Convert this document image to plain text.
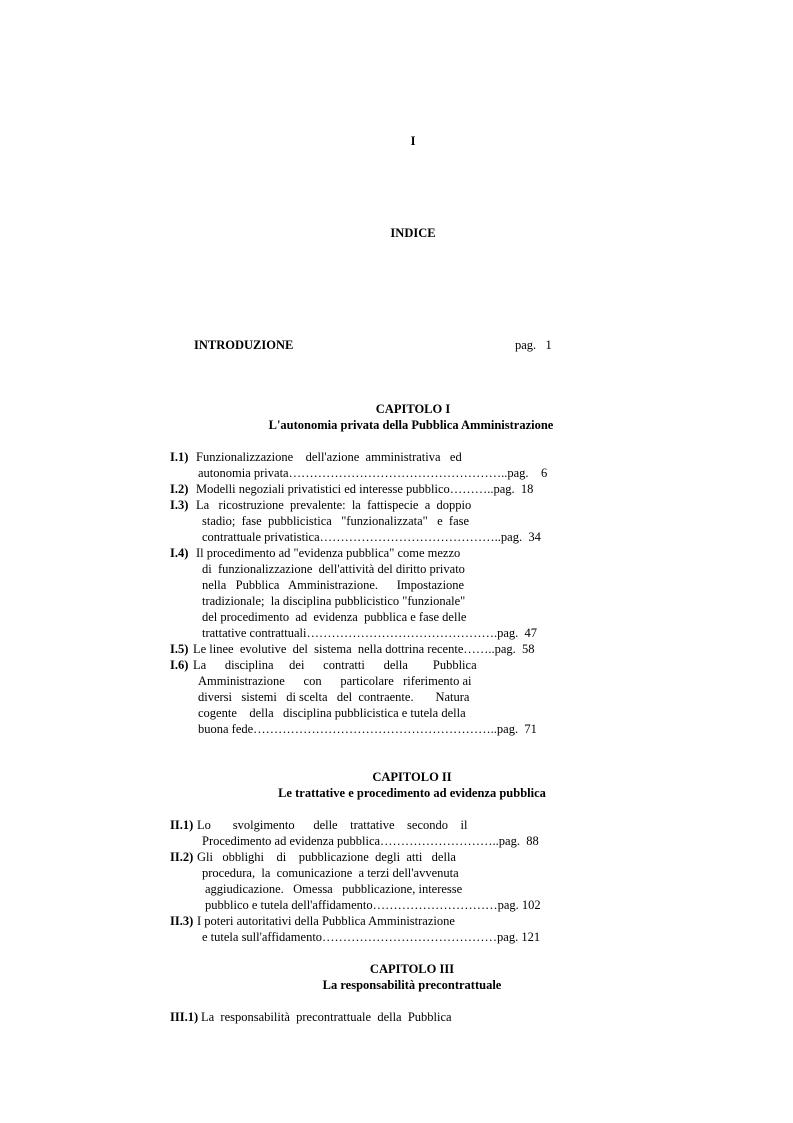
I
INDICE
INTRODUZIONE	pag.   1
CAPITOLO I
L'autonomia privata della Pubblica Amministrazione
I.1) Funzionalizzazione    dell'azione  amministrativa   ed
autonomia privata……………………………………………..pag.    6
I.2) Modelli negoziali privatistici ed interesse pubblico………..pag.  18
I.3) La   ricostruzione  prevalente:  la  fattispecie  a  doppio
stadio;  fase  pubblicistica   "funzionalizzata"   e  fase
contrattuale privatistica……………………………………..pag.  34
I.4) Il procedimento ad "evidenza pubblica" come mezzo
di  funzionalizzazione  dell'attività del diritto privato
nella   Pubblica   Amministrazione.      Impostazione
tradizionale;  la disciplina pubblicistico "funzionale"
del procedimento  ad  evidenza  pubblica e fase delle
trattative contrattuali……………………………………….pag.  47
I.5) Le linee  evolutive  del  sistema  nella dottrina recente……..pag.  58
I.6) La      disciplina     dei      contratti      della        Pubblica
Amministrazione      con      particolare   riferimento ai
diversi   sistemi   di scelta   del  contraente.       Natura
cogente    della   disciplina pubblicistica e tutela della
buona fede…………………………………………………..pag.  71
CAPITOLO II
Le trattative e procedimento ad evidenza pubblica
II.1) Lo       svolgimento      delle    trattative    secondo    il
Procedimento ad evidenza pubblica………………………..pag.  88
II.2) Gli   obblighi    di    pubblicazione  degli  atti   della
procedura,  la  comunicazione  a terzi dell'avvenuta
aggiudicazione.   Omessa   pubblicazione, interesse
pubblico e tutela dell'affidamento…………………………pag. 102
II.3) I poteri autoritativi della Pubblica Amministrazione
e tutela sull'affidamento……………………………………pag. 121
CAPITOLO III
La responsabilità precontrattuale
III.1) La  responsabilità  precontrattuale  della  Pubblica
